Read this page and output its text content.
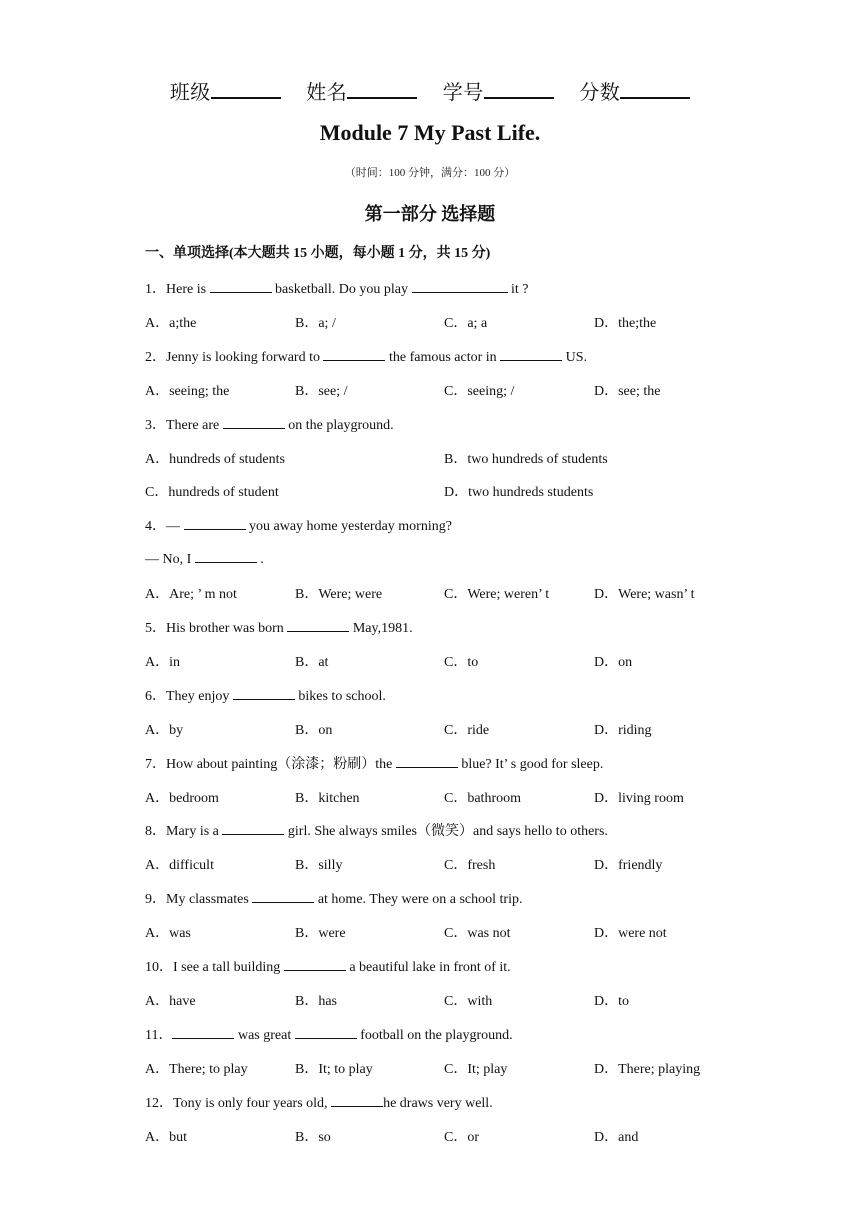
班级	姓名	学号	分数
Module 7 My Past Life.
（时间：100 分钟，满分：100 分）
第一部分 选择题
一、单项选择(本大题共 15 小题，每小题 1 分，共 15 分)
1．Here is	basketball. Do you play	it ?
A．a;the	B．a; /	C．a; a	D．the;the
2．Jenny is looking forward to	the famous actor in	US.
A．seeing; the	B．see; /	C．seeing; /	D．see; the
3．There are	on the playground.
A．hundreds of students	B．two hundreds of students
C．hundreds of student	D．two hundreds students
4．—	you away home yesterday morning?
— No, I	.
A．Are; ’ m not	B．Were; were	C．Were; weren’ t	D．Were; wasn’ t
5．His brother was born	May,1981.
A．in	B．at	C．to	D．on
6．They enjoy	bikes to school.
A．by	B．on	C．ride	D．riding
7．How about painting（涂漆；粉刷）the	blue? It’ s good for sleep.
A．bedroom	B．kitchen	C．bathroom	D．living room
8．Mary is a	girl. She always smiles（微笑）and says hello to others.
A．difficult	B．silly	C．fresh	D．friendly
9．My classmates	at home. They were on a school trip.
A．was	B．were	C．was not	D．were not
10．I see a tall building	a beautiful lake in front of it.
A．have	B．has	C．with	D．to
11．	was great	football on the playground.
A．There; to play	B．It; to play	C．It; play	D．There; playing
12．Tony is only four years old,	he draws very well.
A．but	B．so	C．or	D．and
